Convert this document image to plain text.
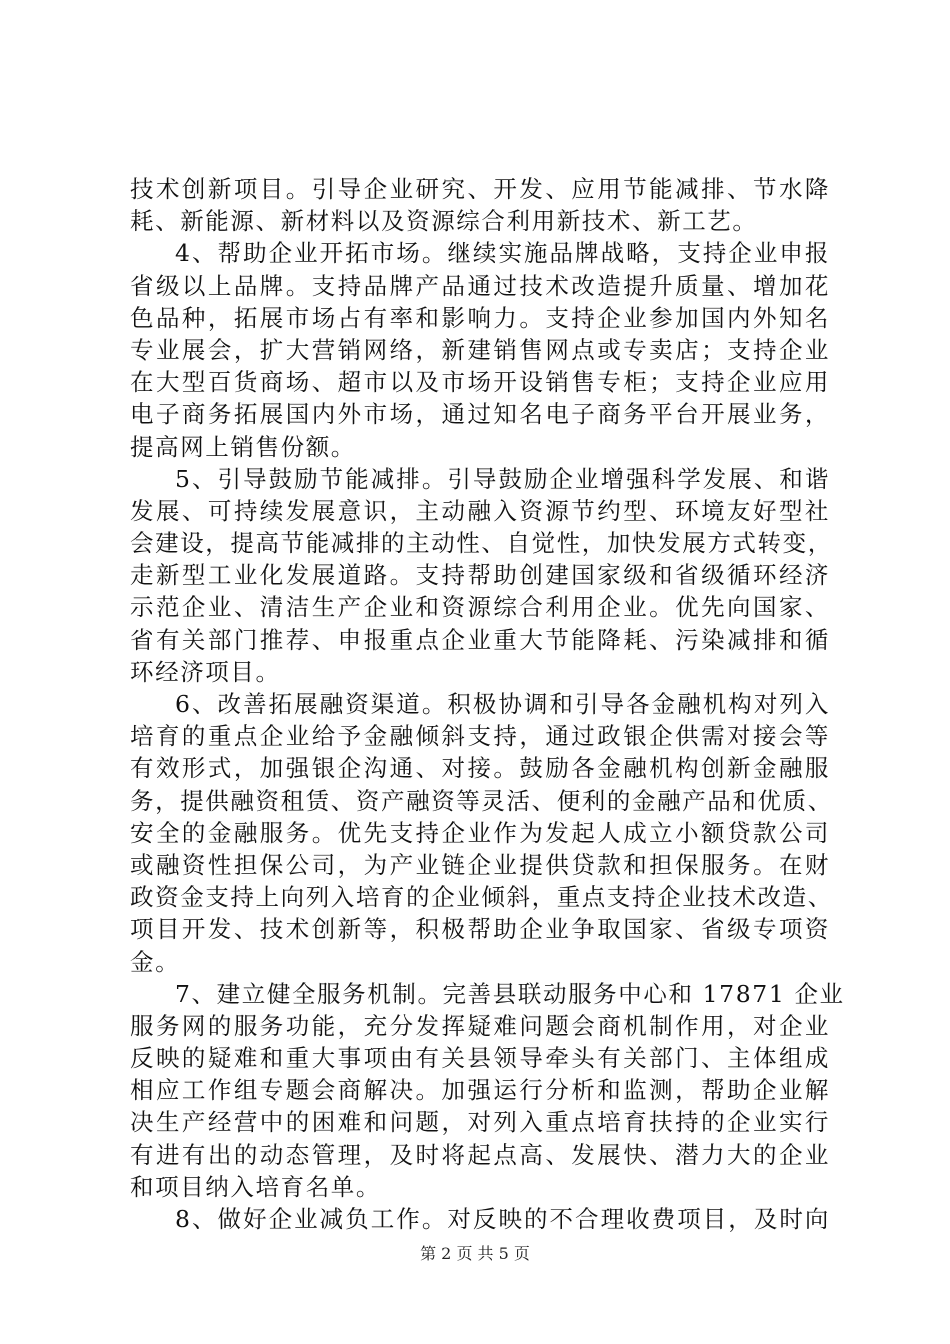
技术创新项目。引导企业研究、开发、应用节能减排、节水降
耗、新能源、新材料以及资源综合利用新技术、新工艺。
4、帮助企业开拓市场。继续实施品牌战略，支持企业申报
省级以上品牌。支持品牌产品通过技术改造提升质量、增加花
色品种，拓展市场占有率和影响力。支持企业参加国内外知名
专业展会，扩大营销网络，新建销售网点或专卖店；支持企业
在大型百货商场、超市以及市场开设销售专柜；支持企业应用
电子商务拓展国内外市场，通过知名电子商务平台开展业务，
提高网上销售份额。
5、引导鼓励节能减排。引导鼓励企业增强科学发展、和谐
发展、可持续发展意识，主动融入资源节约型、环境友好型社
会建设，提高节能减排的主动性、自觉性，加快发展方式转变，
走新型工业化发展道路。支持帮助创建国家级和省级循环经济
示范企业、清洁生产企业和资源综合利用企业。优先向国家、
省有关部门推荐、申报重点企业重大节能降耗、污染减排和循
环经济项目。
6、改善拓展融资渠道。积极协调和引导各金融机构对列入
培育的重点企业给予金融倾斜支持，通过政银企供需对接会等
有效形式，加强银企沟通、对接。鼓励各金融机构创新金融服
务，提供融资租赁、资产融资等灵活、便利的金融产品和优质、
安全的金融服务。优先支持企业作为发起人成立小额贷款公司
或融资性担保公司，为产业链企业提供贷款和担保服务。在财
政资金支持上向列入培育的企业倾斜，重点支持企业技术改造、
项目开发、技术创新等，积极帮助企业争取国家、省级专项资
金。
7、建立健全服务机制。完善县联动服务中心和 17871 企业
服务网的服务功能，充分发挥疑难问题会商机制作用，对企业
反映的疑难和重大事项由有关县领导牵头有关部门、主体组成
相应工作组专题会商解决。加强运行分析和监测，帮助企业解
决生产经营中的困难和问题，对列入重点培育扶持的企业实行
有进有出的动态管理，及时将起点高、发展快、潜力大的企业
和项目纳入培育名单。
8、做好企业减负工作。对反映的不合理收费项目，及时向
第 2 页 共 5 页
